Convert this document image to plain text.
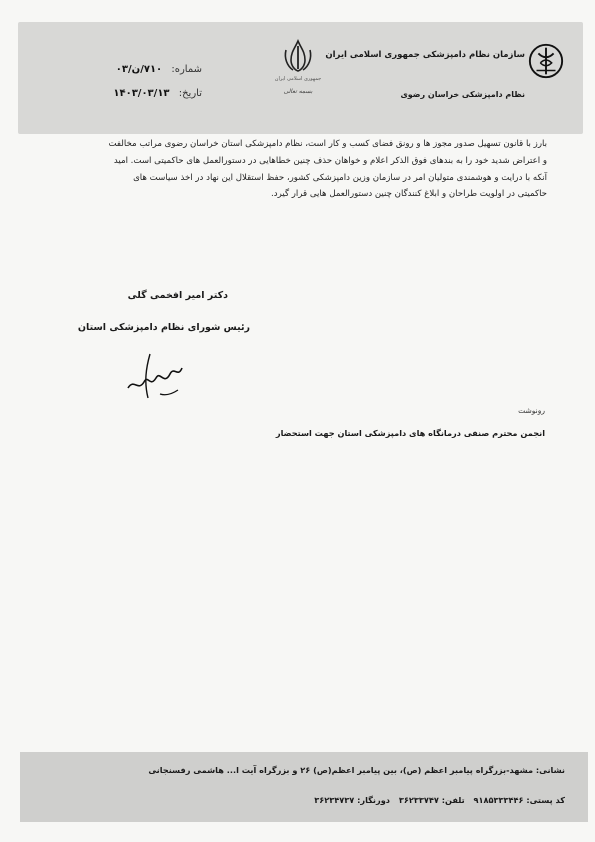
سازمان نظام دامپزشکی جمهوری اسلامی ایران
نظام دامپزشکی خراسان رضوی
جمهوری اسلامی ایران
بسمه تعالی
شماره: ۷۱۰/ن/۰۳
تاریخ: ۱۴۰۳/۰۳/۱۳
بارز با قانون تسهیل صدور مجوز ها و رونق فضای کسب و کار است، نظام دامپزشکی استان خراسان رضوی مراتب مخالفت
و اعتراض شدید خود را به بندهای فوق الذکر اعلام و خواهان حذف چنین خطاهایی در دستورالعمل های حاکمیتی است. امید
آنکه با درایت و هوشمندی متولیان امر در سازمان وزین دامپزشکی کشور، حفظ استقلال این نهاد در اخذ سیاست های
حاکمیتی در اولویت طراحان و ابلاغ کنندگان چنین دستورالعمل هایی قرار گیرد.
دکتر امیر افخمی گلی
رئیس شورای نظام دامپزشکی استان
رونوشت
انجمن محترم صنفی درمانگاه های دامپزشکی استان جهت استحضار
نشانی: مشهد-بزرگراه پیامبر اعظم (ص)، بین پیامبر اعظم(ص) ۲۶ و بزرگراه آیت ا... هاشمی رفسنجانی
کد پستی: ۹۱۸۵۳۳۳۴۴۶ تلفن: ۳۶۲۳۳۷۴۷ دورنگار: ۳۶۲۳۴۷۳۷
